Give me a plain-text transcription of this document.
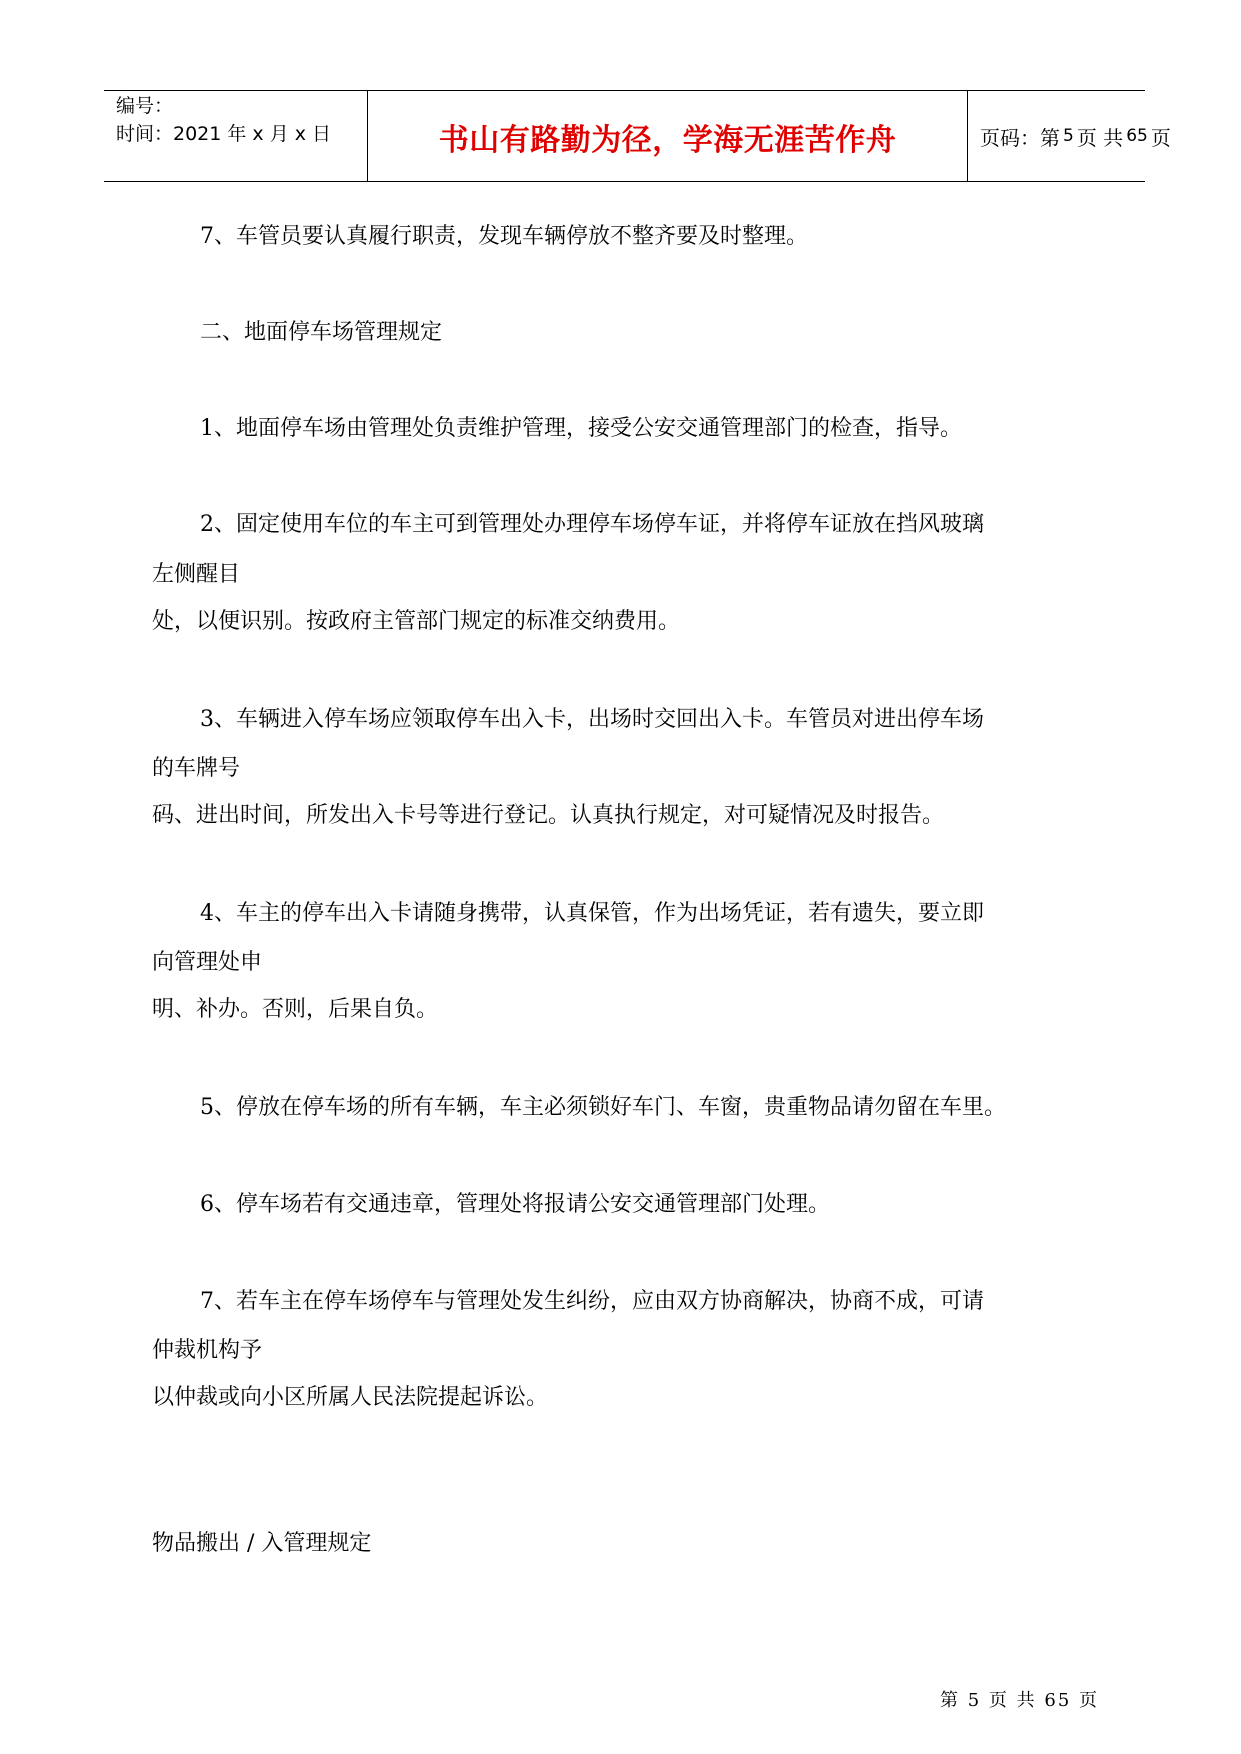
编号：
时间：2021 年 x 月 x 日	书山有路勤为径，学海无涯苦作舟	页码：第 5 页 共 65 页
7、车管员要认真履行职责，发现车辆停放不整齐要及时整理。
二、地面停车场管理规定
1、地面停车场由管理处负责维护管理，接受公安交通管理部门的检查，指导。
2、固定使用车位的车主可到管理处办理停车场停车证，并将停车证放在挡风玻璃
左侧醒目
处，以便识别。按政府主管部门规定的标准交纳费用。
3、车辆进入停车场应领取停车出入卡，出场时交回出入卡。车管员对进出停车场
的车牌号
码、进出时间，所发出入卡号等进行登记。认真执行规定，对可疑情况及时报告。
4、车主的停车出入卡请随身携带，认真保管，作为出场凭证，若有遗失，要立即
向管理处申
明、补办。否则，后果自负。
5、停放在停车场的所有车辆，车主必须锁好车门、车窗，贵重物品请勿留在车里。
6、停车场若有交通违章，管理处将报请公安交通管理部门处理。
7、若车主在停车场停车与管理处发生纠纷，应由双方协商解决，协商不成，可请
仲裁机构予
以仲裁或向小区所属人民法院提起诉讼。
物品搬出 / 入管理规定
第 5 页 共 65 页
